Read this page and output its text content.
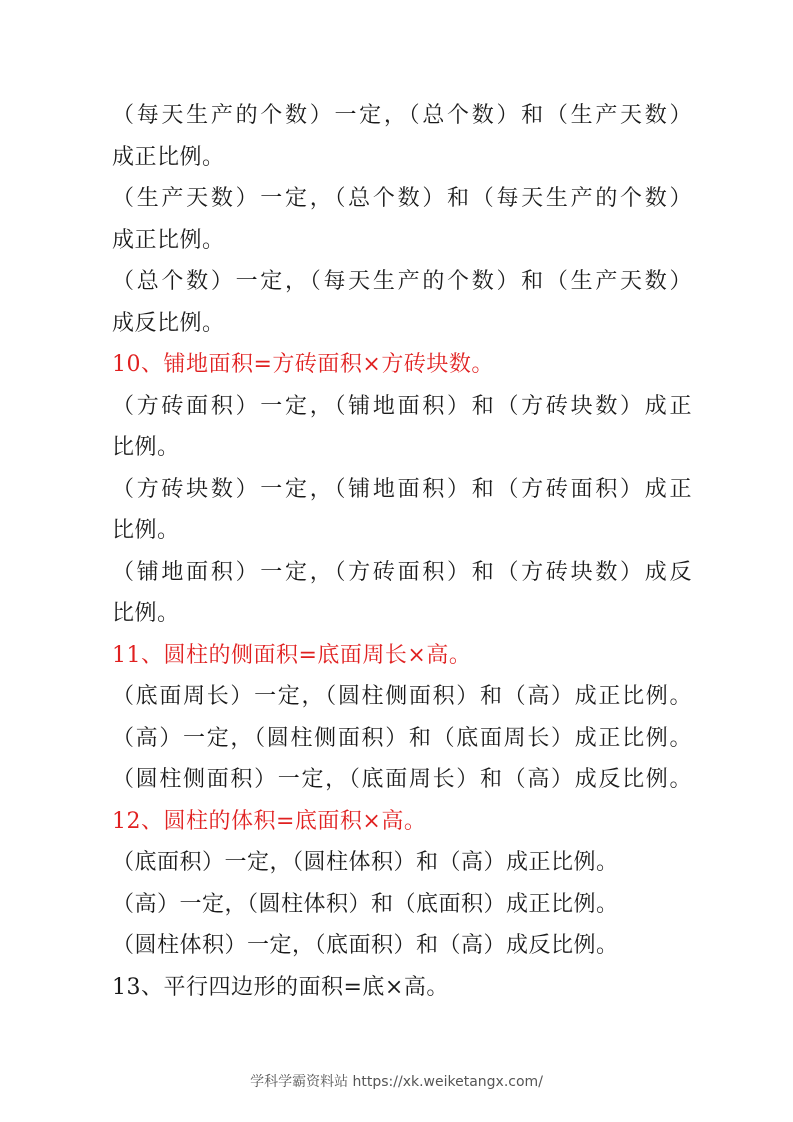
（每天生产的个数）一定，（总个数）和（生产天数）
成正比例。
（生产天数）一定，（总个数）和（每天生产的个数）
成正比例。
（总个数）一定，（每天生产的个数）和（生产天数）
成反比例。
10、铺地面积=方砖面积×方砖块数。
（方砖面积）一定，（铺地面积）和（方砖块数）成正
比例。
（方砖块数）一定，（铺地面积）和（方砖面积）成正
比例。
（铺地面积）一定，（方砖面积）和（方砖块数）成反
比例。
11、圆柱的侧面积=底面周长×高。
（底面周长）一定，（圆柱侧面积）和（高）成正比例。
（高）一定，（圆柱侧面积）和（底面周长）成正比例。
（圆柱侧面积）一定，（底面周长）和（高）成反比例。
12、圆柱的体积=底面积×高。
（底面积）一定，（圆柱体积）和（高）成正比例。
（高）一定，（圆柱体积）和（底面积）成正比例。
（圆柱体积）一定，（底面积）和（高）成反比例。
13、平行四边形的面积=底×高。
学科学霸资料站 https://xk.weiketangx.com/
